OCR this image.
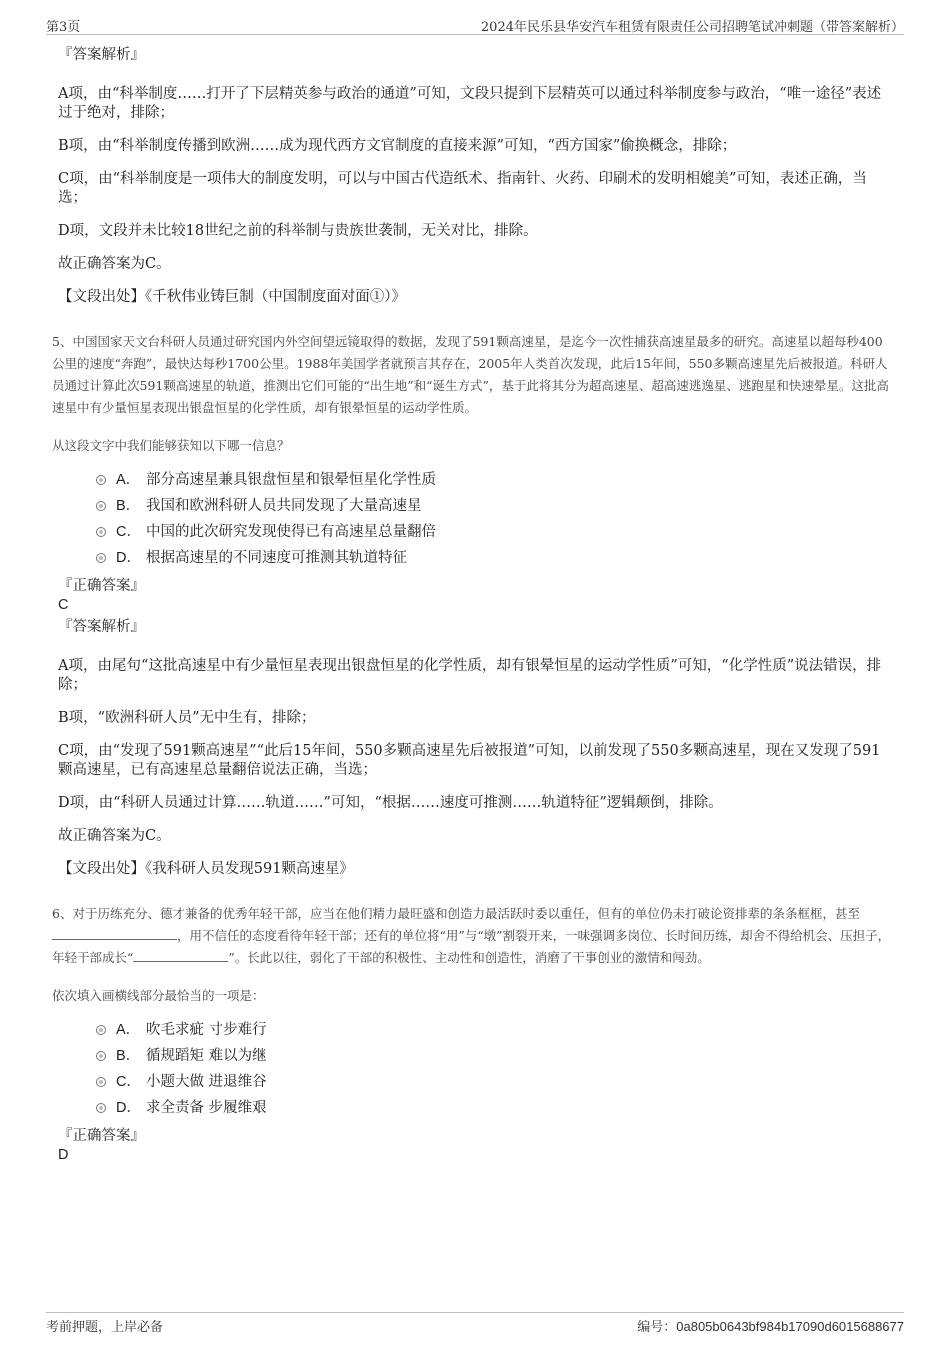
第3页	2024年民乐县华安汽车租赁有限责任公司招聘笔试冲刺题（带答案解析）
『答案解析』
A项，由“科举制度……打开了下层精英参与政治的通道”可知，文段只提到下层精英可以通过科举制度参与政治，“唯一途径”表述过于绝对，排除；
B项，由“科举制度传播到欧洲……成为现代西方文官制度的直接来源”可知，“西方国家”偷换概念，排除；
C项，由“科举制度是一项伟大的制度发明，可以与中国古代造纸术、指南针、火药、印刷术的发明相媲美”可知，表述正确，当选；
D项，文段并未比较18世纪之前的科举制与贵族世袭制，无关对比，排除。
故正确答案为C。
【文段出处】《千秋伟业铸巨制（中国制度面对面①）》
5、中国国家天文台科研人员通过研究国内外空间望远镜取得的数据，发现了591颗高速星，是迄今一次性捕获高速星最多的研究。高速星以超每秒400公里的速度“奔跑”，最快达每秒1700公里。1988年美国学者就预言其存在，2005年人类首次发现，此后15年间，550多颗高速星先后被报道。科研人员通过计算此次591颗高速星的轨道，推测出它们可能的“出生地”和“诞生方式”，基于此将其分为超高速星、超高速逃逸星、逃跑星和快速晕星。这批高速星中有少量恒星表现出银盘恒星的化学性质，却有银晕恒星的运动学性质。
从这段文字中我们能够获知以下哪一信息？
A． 部分高速星兼具银盘恒星和银晕恒星化学性质
B． 我国和欧洲科研人员共同发现了大量高速星
C． 中国的此次研究发现使得已有高速星总量翻倍
D． 根据高速星的不同速度可推测其轨道特征
『正确答案』
C
『答案解析』
A项，由尾句“这批高速星中有少量恒星表现出银盘恒星的化学性质，却有银晕恒星的运动学性质”可知，“化学性质”说法错误，排除；
B项，“欧洲科研人员”无中生有，排除；
C项，由“发现了591颗高速星”“此后15年间，550多颗高速星先后被报道”可知，以前发现了550多颗高速星，现在又发现了591颗高速星，已有高速星总量翻倍说法正确，当选；
D项，由“科研人员通过计算……轨道……”可知，“根据……速度可推测……轨道特征”逻辑颠倒，排除。
故正确答案为C。
【文段出处】《我科研人员发现591颗高速星》
6、对于历练充分、德才兼备的优秀年轻干部，应当在他们精力最旺盛和创造力最活跃时委以重任，但有的单位仍未打破论资排辈的条条框框，甚至，用不信任的态度看待年轻干部；还有的单位将“用”与“墩”割裂开来，一味强调多岗位、长时间历练，却舍不得给机会、压担子，年轻干部成长“	”。长此以往，弱化了干部的积极性、主动性和创造性，消磨了干事创业的激情和闯劲。
依次填入画横线部分最恰当的一项是：
A． 吹毛求疵 寸步难行
B． 循规蹈矩 难以为继
C． 小题大做 进退维谷
D． 求全责备 步履维艰
『正确答案』
D
考前押题，上岸必备	编号：0a805b0643bf984b17090d6015688677
